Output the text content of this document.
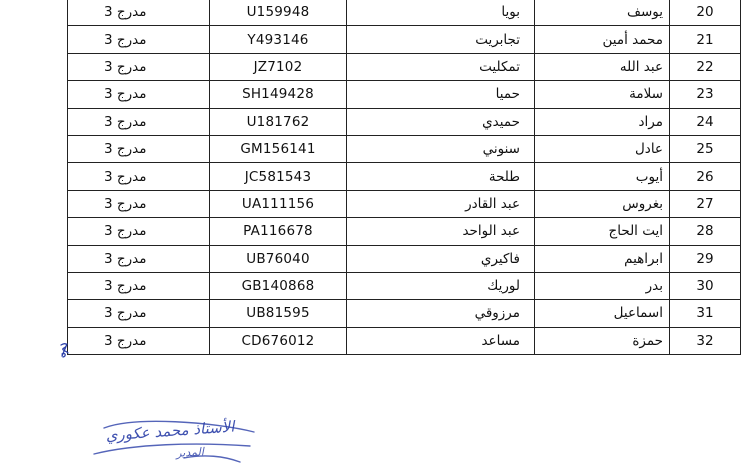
مدرج 3	U159948	بويا	يوسف	20
مدرج 3	Y493146	تجابريت	محمد أمين	21
مدرج 3	JZ7102	تمكليت	عبد الله	22
مدرج 3	SH149428	حميا	سلامة	23
مدرج 3	U181762	حميدي	مراد	24
مدرج 3	GM156141	سنوني	عادل	25
مدرج 3	JC581543	طلحة	أيوب	26
مدرج 3	UA111156	عبد القادر	بغروس	27
مدرج 3	PA116678	عبد الواحد	ايت الحاج	28
مدرج 3	UB76040	فاكيري	ابراهيم	29
مدرج 3	GB140868	لوريك	بدر	30
مدرج 3	UB81595	مرزوقي	اسماعيل	31
مدرج 3	CD676012	مساعد	حمزة	32
الأستاذ محمد عكوري
المدير
